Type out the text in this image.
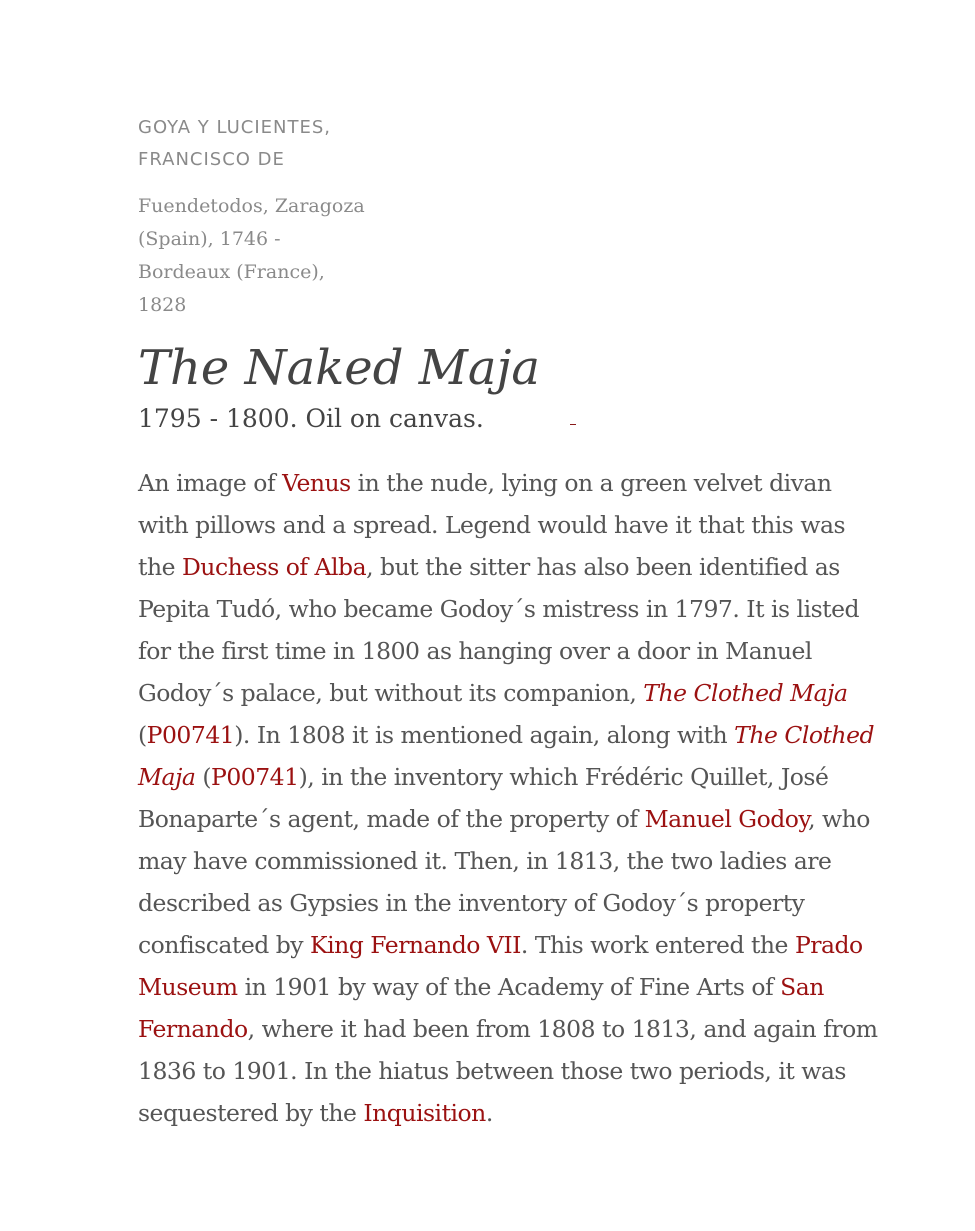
GOYA Y LUCIENTES, FRANCISCO DE
Fuendetodos, Zaragoza (Spain), 1746 - Bordeaux (France), 1828
The Naked Maja
1795 - 1800. Oil on canvas.

An image of Venus in the nude, lying on a green velvet divan with pillows and a spread. Legend would have it that this was the Duchess of Alba, but the sitter has also been identified as Pepita Tudó, who became Godoy´s mistress in 1797. It is listed for the first time in 1800 as hanging over a door in Manuel Godoy´s palace, but without its companion, The Clothed Maja (P00741). In 1808 it is mentioned again, along with The Clothed Maja (P00741), in the inventory which Frédéric Quillet, José Bonaparte´s agent, made of the property of Manuel Godoy, who may have commissioned it. Then, in 1813, the two ladies are described as Gypsies in the inventory of Godoy´s property confiscated by King Fernando VII. This work entered the Prado Museum in 1901 by way of the Academy of Fine Arts of San Fernando, where it had been from 1808 to 1813, and again from 1836 to 1901. In the hiatus between those two periods, it was sequestered by the Inquisition.
